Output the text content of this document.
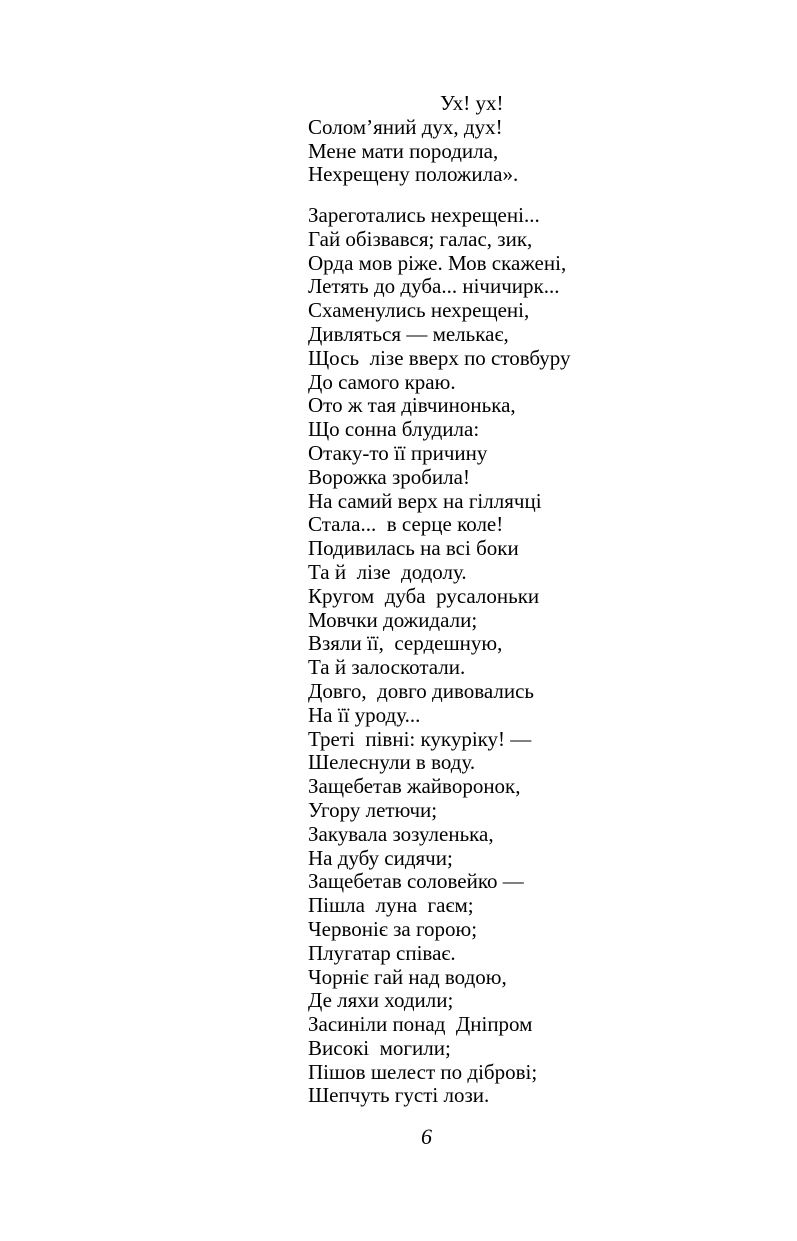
Ух! ух!
Солом’яний дух, дух!
Мене мати породила,
Нехрещену положила».
Зареготались нехрещені...
Гай обізвався; галас, зик,
Орда мов ріже. Мов скажені,
Летять до дуба... нічичирк...
Схаменулись нехрещені,
Дивляться — мелькає,
Щось  лізе вверх по стовбуру
До самого краю.
Ото ж тая дівчинонька,
Що сонна блудила:
Отаку-то її причину
Ворожка зробила!
На самий верх на гіллячці
Стала...  в серце коле!
Подивилась на всі боки
Та й  лізе  додолу.
Кругом  дуба  русалоньки
Мовчки дожидали;
Взяли її,  сердешную,
Та й залоскотали.
Довго,  довго дивовались
На її уроду...
Треті  півні: кукуріку! —
Шелеснули в воду.
Защебетав жайворонок,
Угору летючи;
Закувала зозуленька,
На дубу сидячи;
Защебетав соловейко —
Пішла  луна  гаєм;
Червоніє за горою;
Плугатар співає.
Чорніє гай над водою,
Де ляхи ходили;
Засиніли понад  Дніпром
Високі  могили;
Пішов шелест по діброві;
Шепчуть густі лози.
6
